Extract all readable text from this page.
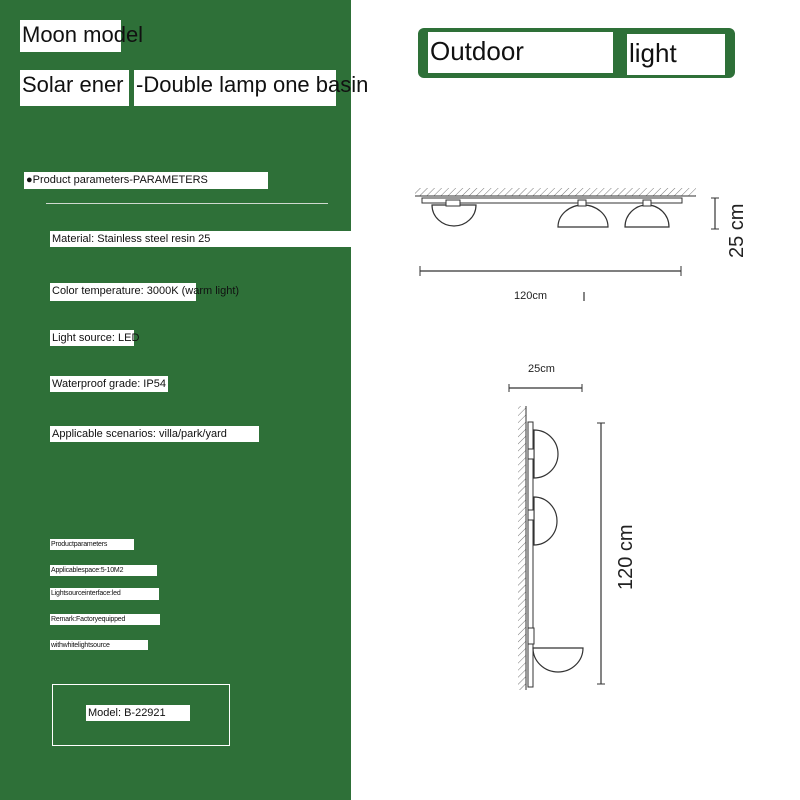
Moon model
Solar ener -Double lamp one basin
●Product parameters-PARAMETERS
Material: Stainless steel resin 25
Color temperature: 3000K (warm light)
Light source: LED
Waterproof grade: IP54
Applicable scenarios: villa/park/yard
Productparameters
Applicablespace:5-10M2
Lightsourceinterface:led
Remark:Factoryequipped
withwhitelightsource
Model: B-22921
Outdoor	light
120cm
25 cm
25cm
120 cm
